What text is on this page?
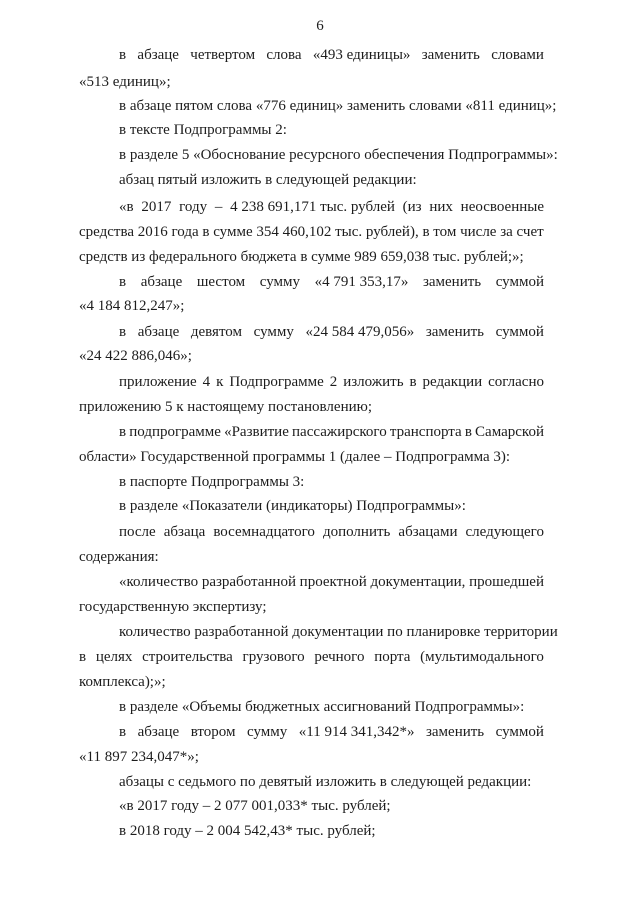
6
в абзаце четвертом слова «493 единицы» заменить словами
«513 единиц»;
в абзаце пятом слова «776 единиц» заменить словами «811 единиц»;
в тексте Подпрограммы 2:
в разделе 5 «Обоснование ресурсного обеспечения Подпрограммы»:
абзац пятый изложить в следующей редакции:
«в 2017 году – 4 238 691,171 тыс. рублей (из них неосвоенные
средства 2016 года в сумме 354 460,102 тыс. рублей), в том числе за счет
средств из федерального бюджета в сумме 989 659,038 тыс. рублей;»;
в абзаце шестом сумму «4 791 353,17» заменить суммой
«4 184 812,247»;
в абзаце девятом сумму «24 584 479,056» заменить суммой
«24 422 886,046»;
приложение 4 к Подпрограмме 2 изложить в редакции согласно
приложению 5 к настоящему постановлению;
в подпрограмме «Развитие пассажирского транспорта в Самарской
области» Государственной программы 1 (далее – Подпрограмма 3):
в паспорте Подпрограммы 3:
в разделе «Показатели (индикаторы) Подпрограммы»:
после абзаца восемнадцатого дополнить абзацами следующего
содержания:
«количество разработанной проектной документации, прошедшей
государственную экспертизу;
количество разработанной документации по планировке территории
в целях строительства грузового речного порта (мультимодального
комплекса);»;
в разделе «Объемы бюджетных ассигнований Подпрограммы»:
в абзаце втором сумму «11 914 341,342*» заменить суммой
«11 897 234,047*»;
абзацы с седьмого по девятый изложить в следующей редакции:
«в 2017 году – 2 077 001,033* тыс. рублей;
в 2018 году – 2 004 542,43* тыс. рублей;
